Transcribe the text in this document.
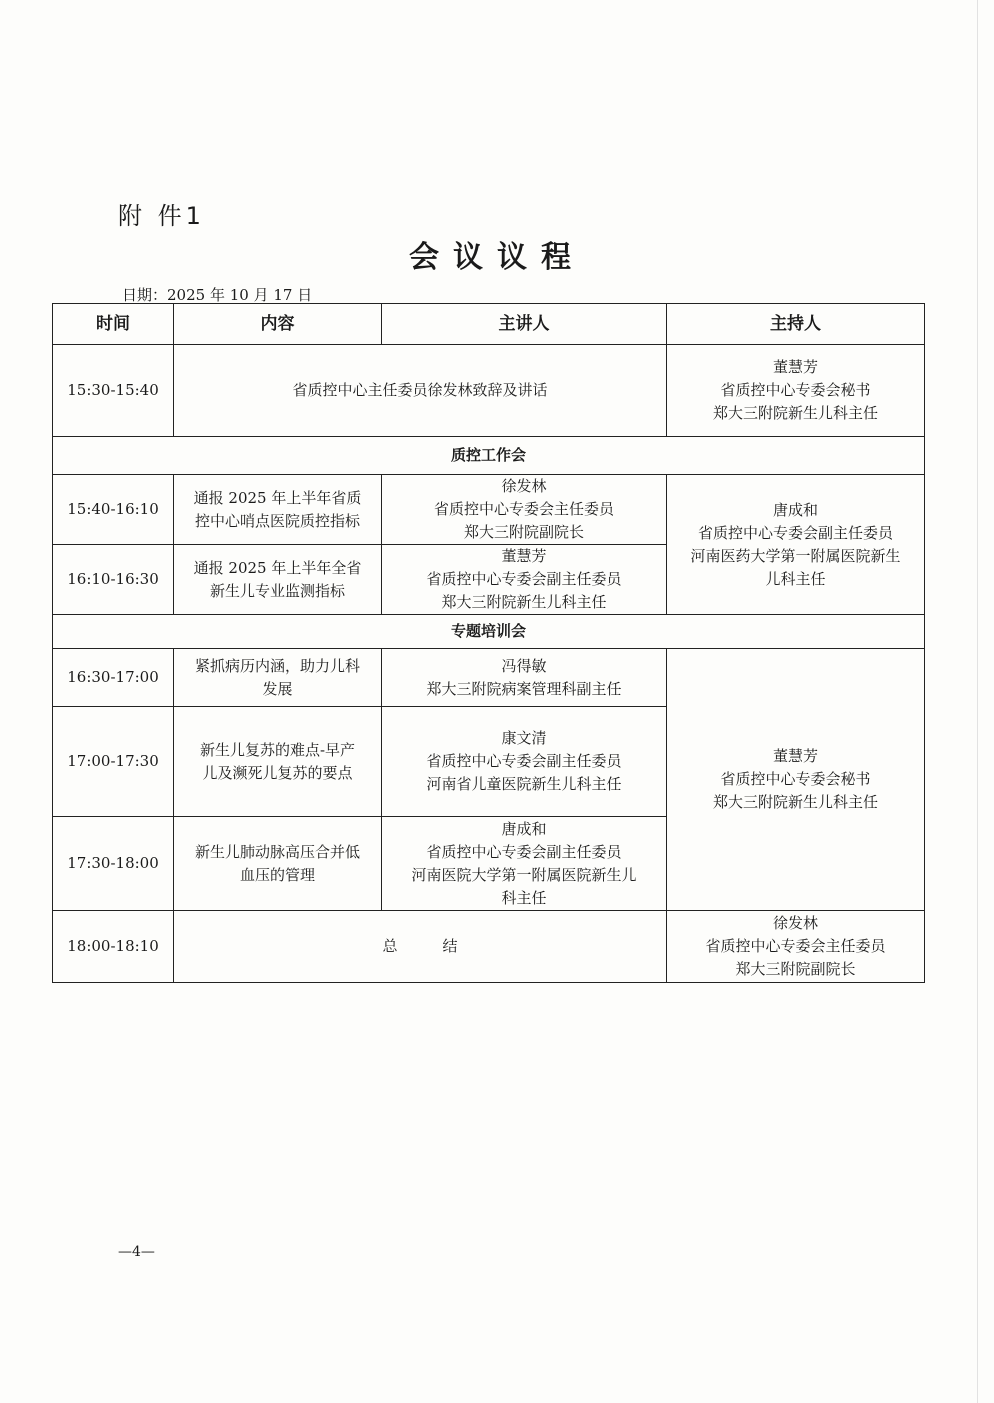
附 件1
会议议程
日期：2025 年 10 月 17 日
时间	内容	主讲人	主持人
15:30-15:40	省质控中心主任委员徐发林致辞及讲话		董慧芳
省质控中心专委会秘书
郑大三附院新生儿科主任

质控工作会			
15:40-16:10	通报 2025 年上半年省质
控中心哨点医院质控指标	徐发林
省质控中心专委会主任委员
郑大三附院副院长	唐成和
省质控中心专委会副主任委员
河南医药大学第一附属医院新生
儿科主任

16:10-16:30	通报 2025 年上半年全省
新生儿专业监测指标	董慧芳
省质控中心专委会副主任委员
郑大三附院新生儿科主任	

专题培训会			
16:30-17:00	紧抓病历内涵，助力儿科
发展	冯得敏
郑大三附院病案管理科副主任	董慧芳
省质控中心专委会秘书
郑大三附院新生儿科主任

17:00-17:30	新生儿复苏的难点-早产
儿及濒死儿复苏的要点	康文清
省质控中心专委会副主任委员
河南省儿童医院新生儿科主任	

17:30-18:00	新生儿肺动脉高压合并低
血压的管理	唐成和
省质控中心专委会副主任委员
河南医院大学第一附属医院新生儿
科主任	

18:00-18:10	总　　　结		徐发林
省质控中心专委会主任委员
郑大三附院副院长
—4—
